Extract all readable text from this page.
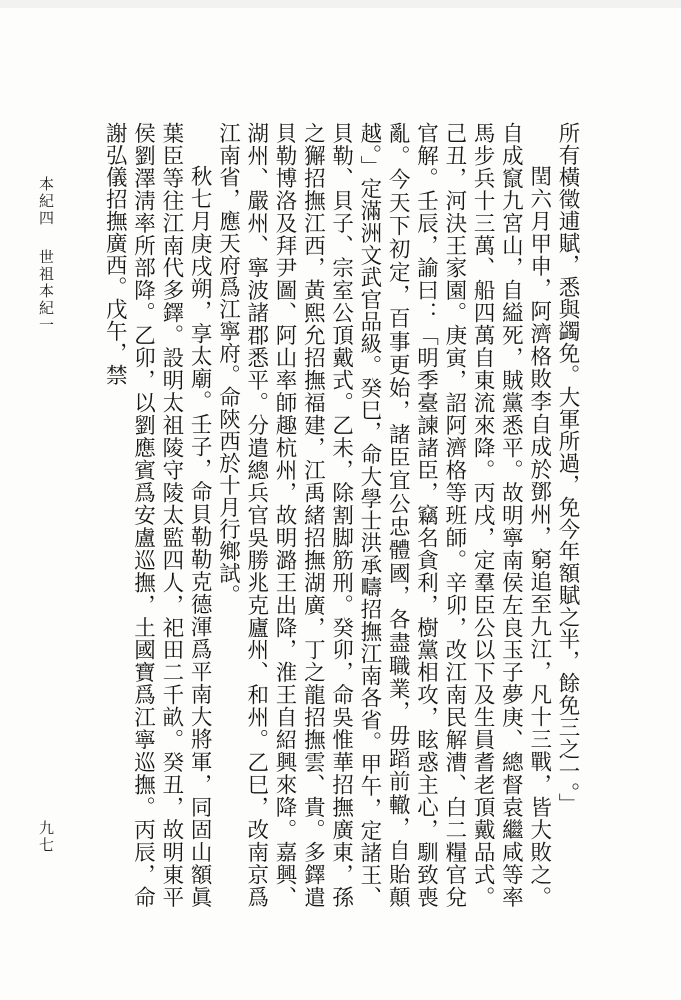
本紀四世祖本紀一	所有橫徵逋賦，悉與蠲免。大軍所過，免今年額賦之半，餘免三之一。」

閏六月甲申，阿濟格敗李自成於鄧州，窮追至九江，凡十三戰，皆大敗之。自成竄九宮山，自縊死，賊黨悉平。故明寧南侯左良玉子夢庚、總督袁繼咸等率馬步兵十三萬、船四萬自東流來降。丙戌，定羣臣公以下及生員耆老頂戴品式。己丑，河決王家園。庚寅，詔阿濟格等班師。辛卯，改江南民解漕、白二糧官兌官解。壬辰，諭曰：「明季臺諫諸臣，竊名貪利，樹黨相攻，眩惑主心，馴致喪亂。今天下初定，百事更始，諸臣宜公忠體國，各盡職業，毋蹈前轍，自貽顛越。」定滿洲文武官品級。癸巳，命大學士洪承疇招撫江南各省。甲午，定諸王、貝勒、貝子、宗室公頂戴式。乙未，除割脚筋刑。癸卯，命吳惟華招撫廣東，孫之獬招撫江西，黃熙允招撫福建，江禹緒招撫湖廣，丁之龍招撫雲、貴。多鐸遣貝勒博洛及拜尹圖、阿山率師趣杭州，故明潞王出降，淮王自紹興來降。嘉興、湖州、嚴州、寧波諸郡悉平。分遣總兵官吳勝兆克廬州、和州。乙巳，改南京爲江南省，應天府爲江寧府。命陝西於十月行鄉試。

秋七月庚戌朔，享太廟。壬子，命貝勒勒克德渾爲平南大將軍，同固山額眞葉臣等往江南代多鐸。設明太祖陵守陵太監四人，祀田二千畝。癸丑，故明東平侯劉澤淸率所部降。乙卯，以劉應賓爲安盧巡撫，土國寶爲江寧巡撫。丙辰，命謝弘儀招撫廣西。戊午，禁

九七
